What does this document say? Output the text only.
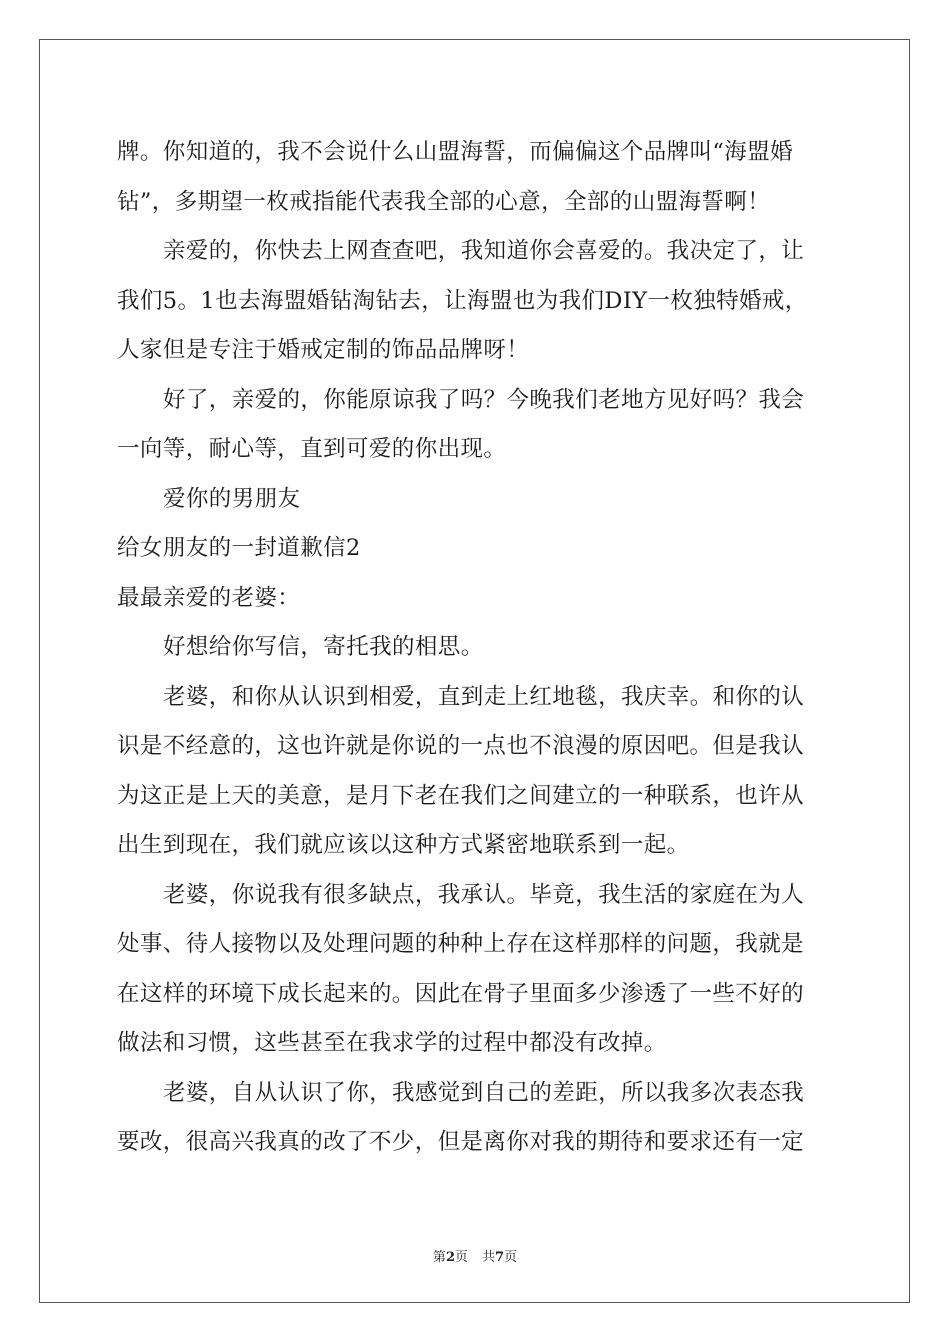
牌。你知道的，我不会说什么山盟海誓，而偏偏这个品牌叫“海盟婚
钻”，多期望一枚戒指能代表我全部的心意，全部的山盟海誓啊！
亲爱的，你快去上网查查吧，我知道你会喜爱的。我决定了，让
我们5。1也去海盟婚钻淘钻去，让海盟也为我们DIY一枚独特婚戒，
人家但是专注于婚戒定制的饰品品牌呀！
好了，亲爱的，你能原谅我了吗？今晚我们老地方见好吗？我会
一向等，耐心等，直到可爱的你出现。
爱你的男朋友
给女朋友的一封道歉信2
最最亲爱的老婆：
好想给你写信，寄托我的相思。
老婆，和你从认识到相爱，直到走上红地毯，我庆幸。和你的认
识是不经意的，这也许就是你说的一点也不浪漫的原因吧。但是我认
为这正是上天的美意，是月下老在我们之间建立的一种联系，也许从
出生到现在，我们就应该以这种方式紧密地联系到一起。
老婆，你说我有很多缺点，我承认。毕竟，我生活的家庭在为人
处事、待人接物以及处理问题的种种上存在这样那样的问题，我就是
在这样的环境下成长起来的。因此在骨子里面多少渗透了一些不好的
做法和习惯，这些甚至在我求学的过程中都没有改掉。
老婆，自从认识了你，我感觉到自己的差距，所以我多次表态我
要改，很高兴我真的改了不少，但是离你对我的期待和要求还有一定
第2页 共7页
